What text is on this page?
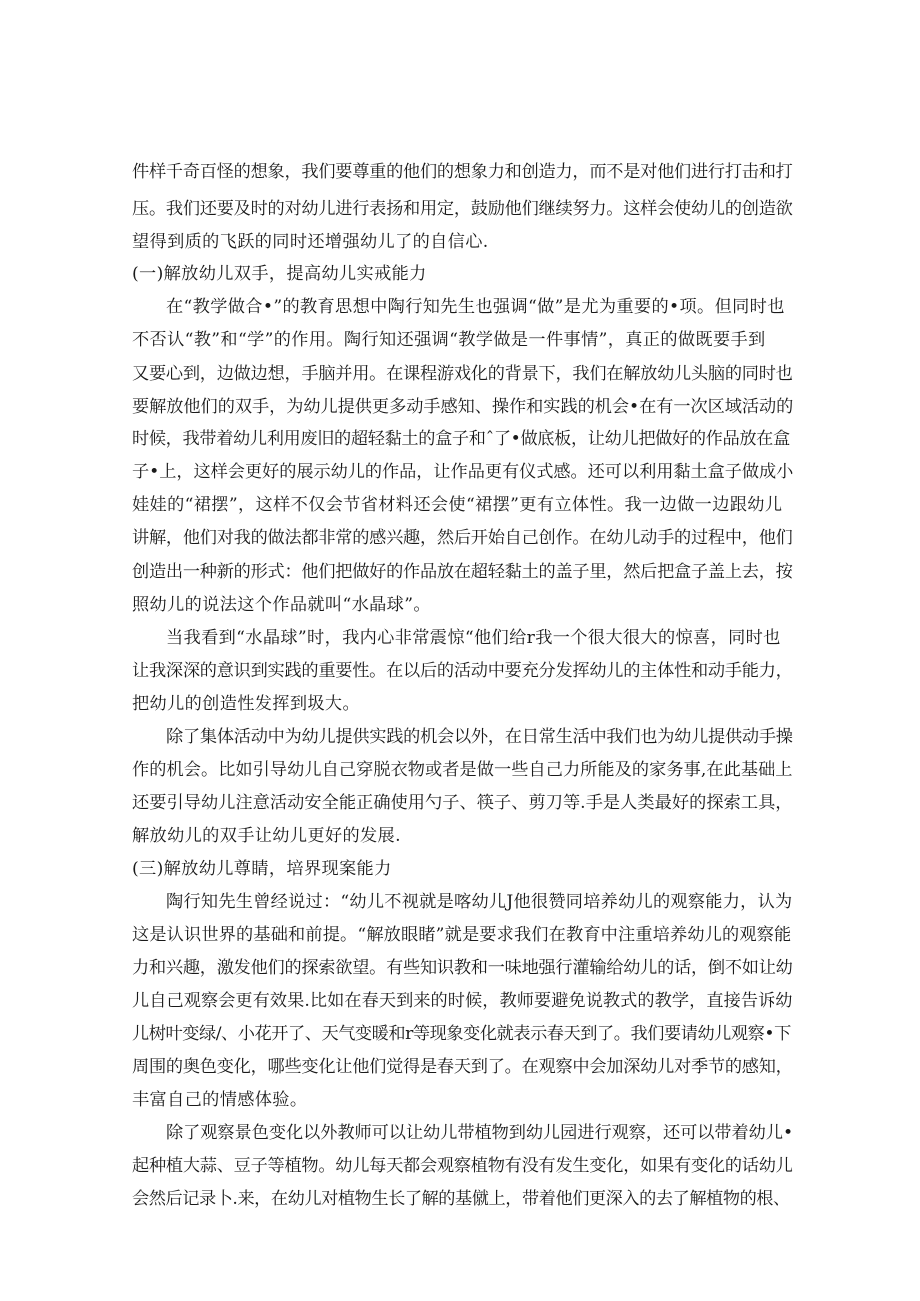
件样千奇百怪的想象，我们要尊重的他们的想象力和创造力，而不是对他们进行打击和打
压。我们还要及时的对幼儿进行表扬和用定，鼓励他们继续努力。这样会使幼儿的创造欲
望得到质的飞跃的同时还增强幼儿了的自信心.
(一)解放幼儿双手，提高幼儿实戒能力
在“教学做合•”的教育思想中陶行知先生也强调“做”是尤为重要的•项。但同时也
不否认“教”和“学”的作用。陶行知还强调“教学做是一件事情”，真正的做既要手到
又要心到，边做边想，手脑并用。在课程游戏化的背景下，我们在解放幼儿头脑的同时也
要解放他们的双手，为幼儿提供更多动手感知、操作和实践的机会•在有一次区域活动的
时候，我带着幼儿利用废旧的超轻黏土的盒子和ˆ了•做底板，让幼儿把做好的作品放在盒
子•上，这样会更好的展示幼儿的作品，让作品更有仪式感。还可以利用黏土盒子做成小
娃娃的“裙摆”，这样不仅会节省材料还会使“裙摆”更有立体性。我一边做一边跟幼儿
讲解，他们对我的做法都非常的感兴趣，然后开始自己创作。在幼儿动手的过程中，他们
创造出一种新的形式：他们把做好的作品放在超轻黏土的盖子里，然后把盒子盖上去，按
照幼儿的说法这个作品就叫“水晶球”。
当我看到“水晶球”时，我内心非常震惊“他们给r我一个很大很大的惊喜，同时也
让我深深的意识到实践的重要性。在以后的活动中要充分发挥幼儿的主体性和动手能力，
把幼儿的创造性发挥到圾大。
除了集体活动中为幼儿提供实践的机会以外，在日常生活中我们也为幼儿提供动手操
作的机会。比如引导幼儿自己穿脱衣物或者是做一些自己力所能及的家务事,在此基础上
还要引导幼儿注意活动安全能正确使用勺子、筷子、剪刀等.手是人类最好的探索工具，
解放幼儿的双手让幼儿更好的发展.
(三)解放幼儿尊睛，培界现案能力
陶行知先生曾经说过：“幼儿不视就是喀幼儿J他很赞同培养幼儿的观察能力，认为
这是认识世界的基础和前提。“解放眼睹”就是要求我们在教育中注重培养幼儿的观察能
力和兴趣，激发他们的探索欲望。有些知识教和一味地强行灌输给幼儿的话，倒不如让幼
儿自己观察会更有效果.比如在春天到来的时候，教师要避免说教式的教学，直接告诉幼
儿树叶变绿/、小花开了、天气变暖和r等现象变化就表示春天到了。我们要请幼儿观察•下
周围的奥色变化，哪些变化让他们觉得是春天到了。在观察中会加深幼儿对季节的感知，
丰富自己的情感体验。
除了观察景色变化以外教师可以让幼儿带植物到幼儿园进行观察，还可以带着幼儿•
起种植大蒜、豆子等植物。幼儿每天都会观察植物有没有发生变化，如果有变化的话幼儿
会然后记录卜.来，在幼儿对植物生长了解的基僦上，带着他们更深入的去了解植物的根、
